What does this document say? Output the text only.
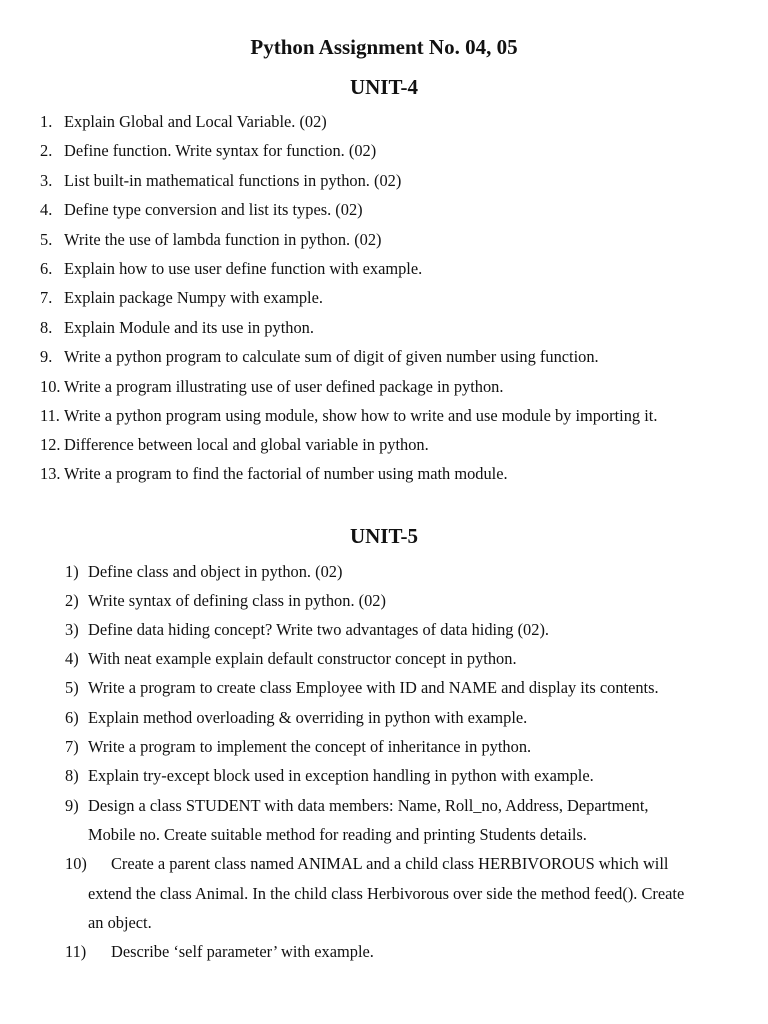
Python Assignment No. 04, 05
UNIT-4
1. Explain Global and Local Variable. (02)
2. Define function. Write syntax for function. (02)
3. List built-in mathematical functions in python. (02)
4. Define type conversion and list its types. (02)
5. Write the use of lambda function in python. (02)
6. Explain how to use user define function with example.
7. Explain package Numpy with example.
8. Explain Module and its use in python.
9. Write a python program to calculate sum of digit of given number using function.
10. Write a program illustrating use of user defined package in python.
11. Write a python program using module, show how to write and use module by importing it.
12. Difference between local and global variable in python.
13. Write a program to find the factorial of number using math module.
UNIT-5
1) Define class and object in python. (02)
2) Write syntax of defining class in python. (02)
3) Define data hiding concept? Write two advantages of data hiding (02).
4) With neat example explain default constructor concept in python.
5) Write a program to create class Employee with ID and NAME and display its contents.
6) Explain method overloading & overriding in python with example.
7) Write a program to implement the concept of inheritance in python.
8) Explain try-except block used in exception handling in python with example.
9) Design a class STUDENT with data members: Name, Roll_no, Address, Department,
Mobile no. Create suitable method for reading and printing Students details.
10) Create a parent class named ANIMAL and a child class HERBIVOROUS which will
extend the class Animal. In the child class Herbivorous over side the method feed(). Create
an object.
11) Describe ‘self parameter’ with example.
